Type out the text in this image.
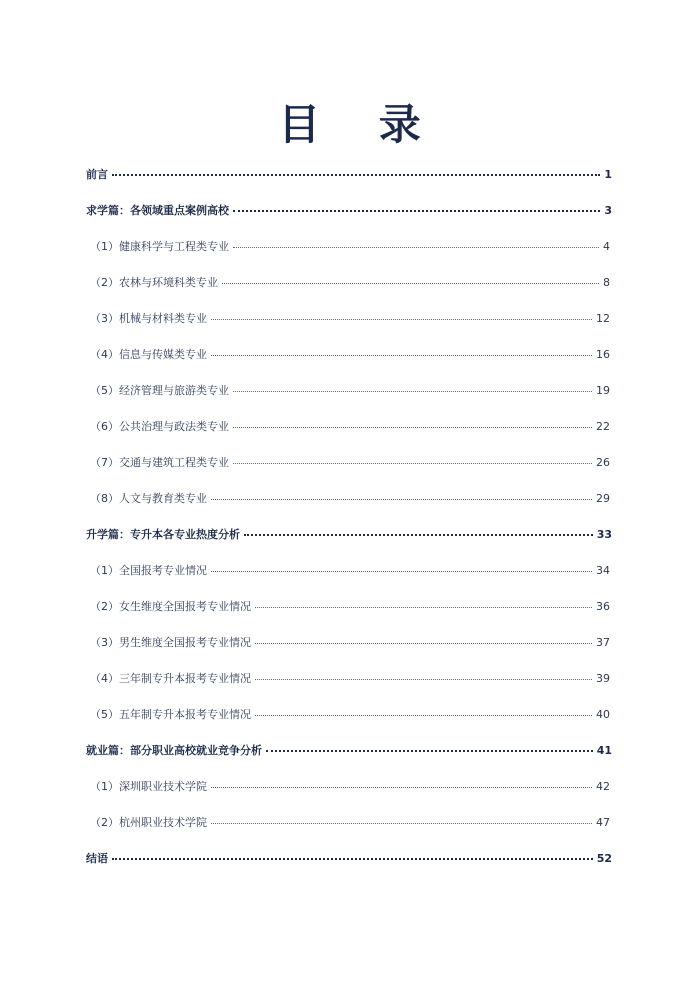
目 录
前言	1
求学篇：各领域重点案例高校	3
（1）健康科学与工程类专业	4
（2）农林与环境科类专业	8
（3）机械与材料类专业	12
（4）信息与传媒类专业	16
（5）经济管理与旅游类专业	19
（6）公共治理与政法类专业	22
（7）交通与建筑工程类专业	26
（8）人文与教育类专业	29
升学篇：专升本各专业热度分析	33
（1）全国报考专业情况	34
（2）女生维度全国报考专业情况	36
（3）男生维度全国报考专业情况	37
（4）三年制专升本报考专业情况	39
（5）五年制专升本报考专业情况	40
就业篇：部分职业高校就业竞争分析	41
（1）深圳职业技术学院	42
（2）杭州职业技术学院	47
结语	52
